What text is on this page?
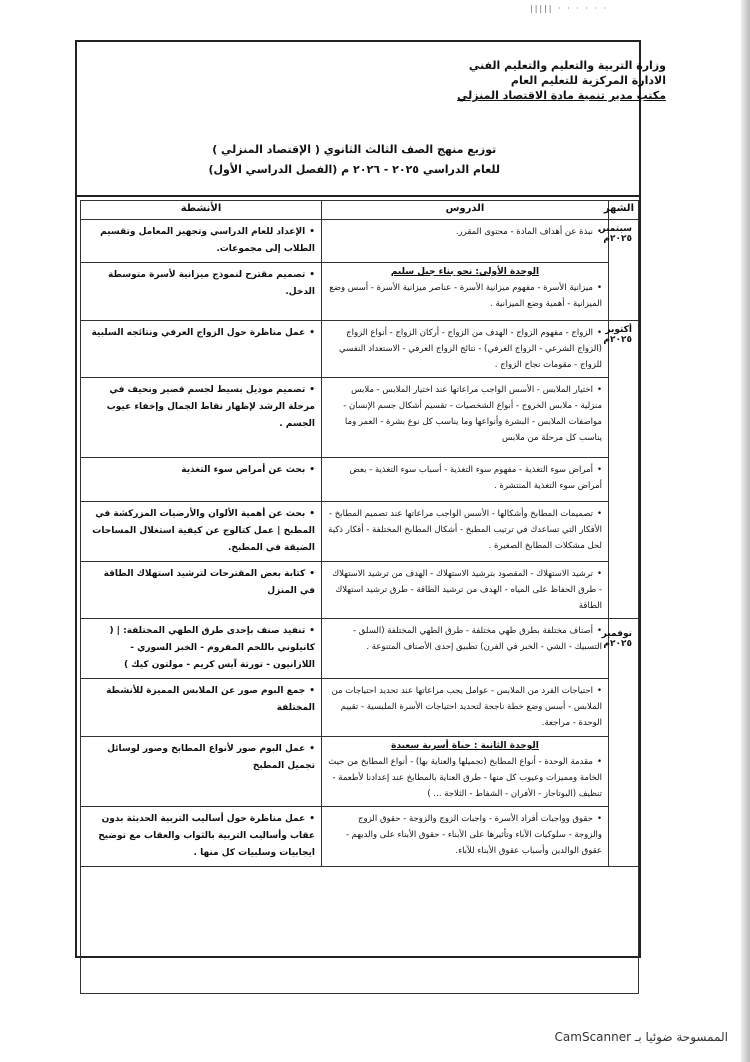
||||| · · · · · ·
وزارة التربية والتعليم والتعليم الفني
الادارة المركزية للتعليم العام
مكتب مدير تنمية مادة الاقتصاد المنزلي
توزيع منهج الصف الثالث الثانوي ( الإقتصاد المنزلي )
للعام الدراسي ٢٠٢٥ - ٢٠٢٦ م (الفصل الدراسي الأول)
الشهر	الدروس	الأنشطة
سبتمبر ٢٠٢٥م	• نبذة عن أهداف المادة - محتوى المقرر.	• الإعداد للعام الدراسي وتجهيز المعامل وتقسيم الطلاب إلى مجموعات.

	الوحدة الأولى: نحو بناء جيل سليم
• ميزانية الأسرة - مفهوم ميزانية الأسرة - عناصر ميزانية الأسرة - أسس وضع الميزانية - أهمية وضع الميزانية .	• تصميم مقترح لنموذج ميزانية لأسرة متوسطة الدخل.

أكتوبر ٢٠٢٥م	• الزواج - مفهوم الزواج - الهدف من الزواج - أركان الزواج - أنواع الزواج (الزواج الشرعي - الزواج العرفي) - نتائج الزواج العرفي - الاستعداد النفسي للزواج - مقومات نجاح الزواج .	• عمل مناظرة حول الزواج العرفي ونتائجه السلبية

	• اختيار الملابس - الأسس الواجب مراعاتها عند اختيار الملابس - ملابس منزلية - ملابس الخروج - أنواع الشخصيات - تقسيم أشكال جسم الإنسان - مواصفات الملابس - البشرة وأنواعها وما يناسب كل نوع بشرة - العمر وما يناسب كل مرحلة من ملابس	• تصميم موديل بسيط لجسم قصير ونحيف في مرحلة الرشد لإظهار نقاط الجمال وإخفاء عيوب الجسم .

	• أمراض سوء التغذية - مفهوم سوء التغذية - أسباب سوء التغذية - بعض أمراض سوء التغذية المنتشرة .	• بحث عن أمراض سوء التغذية

	• تصميمات المطابخ وأشكالها - الأسس الواجب مراعاتها عند تصميم المطابخ - الأفكار التي تساعدك في ترتيب المطبخ - أشكال المطابخ المختلفة - أفكار ذكية لحل مشكلات المطابخ الصغيرة .	• بحث عن أهمية الألوان والأرضيات المزركشة في المطبخ | عمل كتالوج عن كيفية استغلال المساحات الضيقة في المطبخ.

	• ترشيد الاستهلاك - المقصود بترشيد الاستهلاك - الهدف من ترشيد الاستهلاك - طرق الحفاظ على المياه - الهدف من ترشيد الطاقة - طرق ترشيد استهلاك الطاقة	• كتابة بعض المقترحات لترشيد استهلاك الطاقة في المنزل

نوفمبر ٢٠٢٥م	• أصناف مختلفة بطرق طهي مختلفة - طرق الطهي المختلفة (السلق - التسبيك - الشي - الخبز في الفرن) تطبيق إحدى الأصناف المتنوعة .	• تنفيذ صنف بإحدى طرق الطهي المختلفة: | ( كانيلوني باللحم المفروم - الخبز السوري - اللازانيون - تورتة آيس كريم - مولتون كيك )

	• احتياجات الفرد من الملابس - عوامل يجب مراعاتها عند تحديد احتياجات من الملابس - أسس وضع خطة ناجحة لتحديد احتياجات الأسرة الملبسية - تقييم الوحدة - مراجعة.	• جمع البوم صور عن الملابس المميزة للأنشطة المختلفة

	الوحدة الثانية : حياة أسرية سعيدة
• مقدمة الوحدة - أنواع المطابخ (تجميلها والعناية بها) - أنواع المطابخ من حيث الخامة ومميزات وعيوب كل منها - طرق العناية بالمطابخ عند إعدادنا لأطعمة - تنظيف (البوتاجاز - الأفران - الشفاط - الثلاجة ... )	• عمل البوم صور لأنواع المطابخ وصور لوسائل تجميل المطبخ

	• حقوق وواجبات أفراد الأسرة - واجبات الزوج والزوجة - حقوق الزوج والزوجة - سلوكيات الآباء وتأثيرها على الأبناء - حقوق الأبناء على والديهم - عقوق الوالدين وأسباب عقوق الأبناء للآباء.	• عمل مناظرة حول أساليب التربية الحديثة بدون عقاب وأساليب التربية بالثواب والعقاب مع توضيح ايجابيات وسلبيات كل منها .

الممسوحة ضوئيا بـ CamScanner
